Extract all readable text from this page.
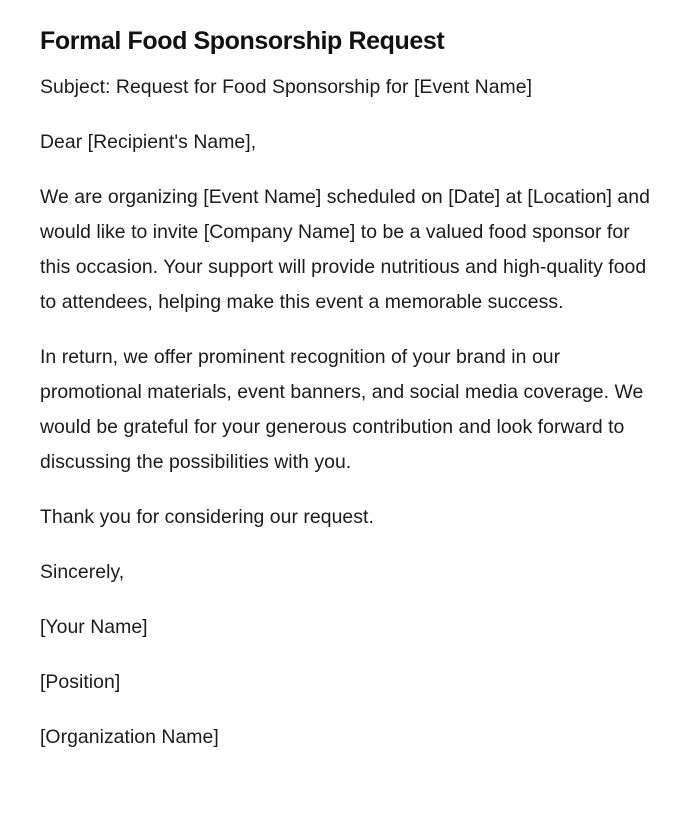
Formal Food Sponsorship Request

Subject: Request for Food Sponsorship for [Event Name]

Dear [Recipient's Name],

We are organizing [Event Name] scheduled on [Date] at [Location] and would like to invite [Company Name] to be a valued food sponsor for this occasion. Your support will provide nutritious and high-quality food to attendees, helping make this event a memorable success.

In return, we offer prominent recognition of your brand in our promotional materials, event banners, and social media coverage. We would be grateful for your generous contribution and look forward to discussing the possibilities with you.

Thank you for considering our request.

Sincerely,

[Your Name]

[Position]

[Organization Name]
